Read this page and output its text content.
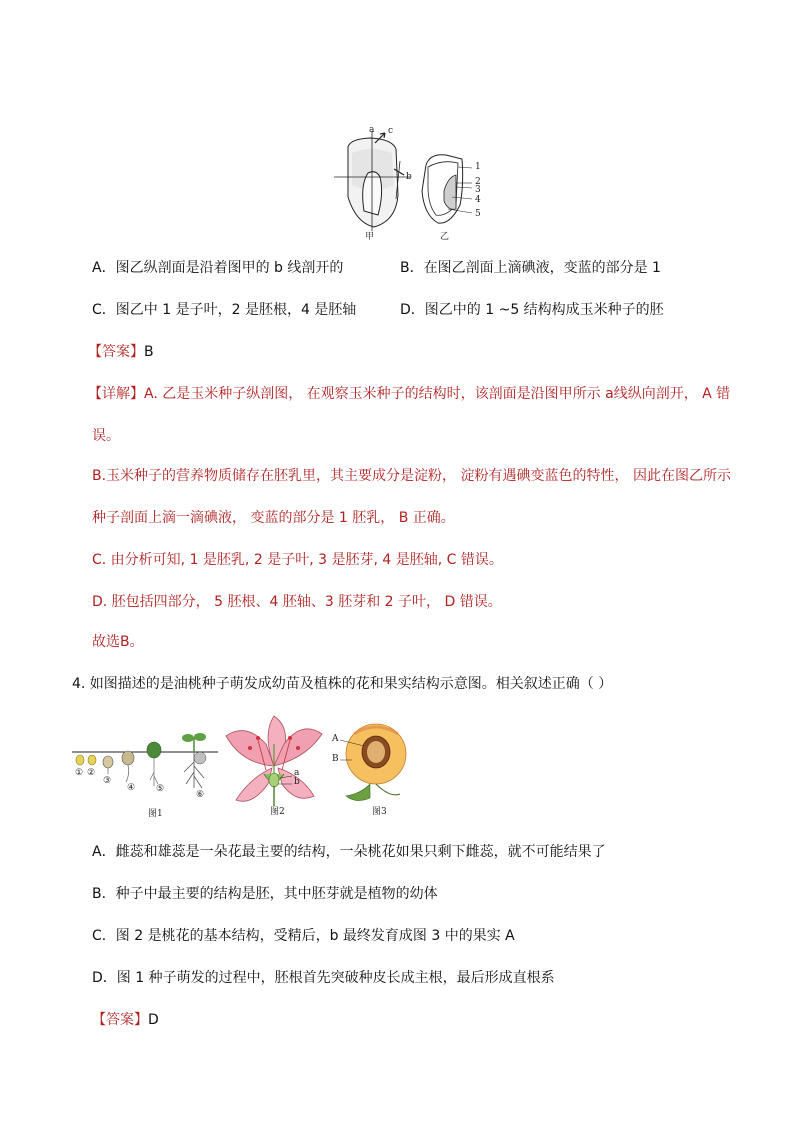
a c
b
甲
1
2
3
4
5
乙
A．图乙纵剖面是沿着图甲的 b 线剖开的	B．在图乙剖面上滴碘液，变蓝的部分是 1
C．图乙中 1 是子叶，2 是胚根，4 是胚轴	D．图乙中的 1 ~5 结构构成玉米种子的胚
【答案】B
【详解】A. 乙是玉米种子纵剖图， 在观察玉米种子的结构时，该剖面是沿图甲所示 a线纵向剖开， A 错
误。
B.玉米种子的营养物质储存在胚乳里，其主要成分是淀粉， 淀粉有遇碘变蓝色的特性， 因此在图乙所示
种子剖面上滴一滴碘液， 变蓝的部分是 1 胚乳， B 正确。
C. 由分析可知, 1 是胚乳, 2 是子叶, 3 是胚芽, 4 是胚轴, C 错误。
D. 胚包括四部分， 5 胚根、4 胚轴、3 胚芽和 2 子叶， D 错误。
故选B。
4. 如图描述的是油桃种子萌发成幼苗及植株的花和果实结构示意图。相关叙述正确（ ）
① ②
③
④ ⑤
⑥
图1
a
b
图2
A
B
图3
A．雌蕊和雄蕊是一朵花最主要的结构，一朵桃花如果只剩下雌蕊，就不可能结果了
B．种子中最主要的结构是胚，其中胚芽就是植物的幼体
C．图 2 是桃花的基本结构，受精后，b 最终发育成图 3 中的果实 A
D．图 1 种子萌发的过程中，胚根首先突破种皮长成主根，最后形成直根系
【答案】D
